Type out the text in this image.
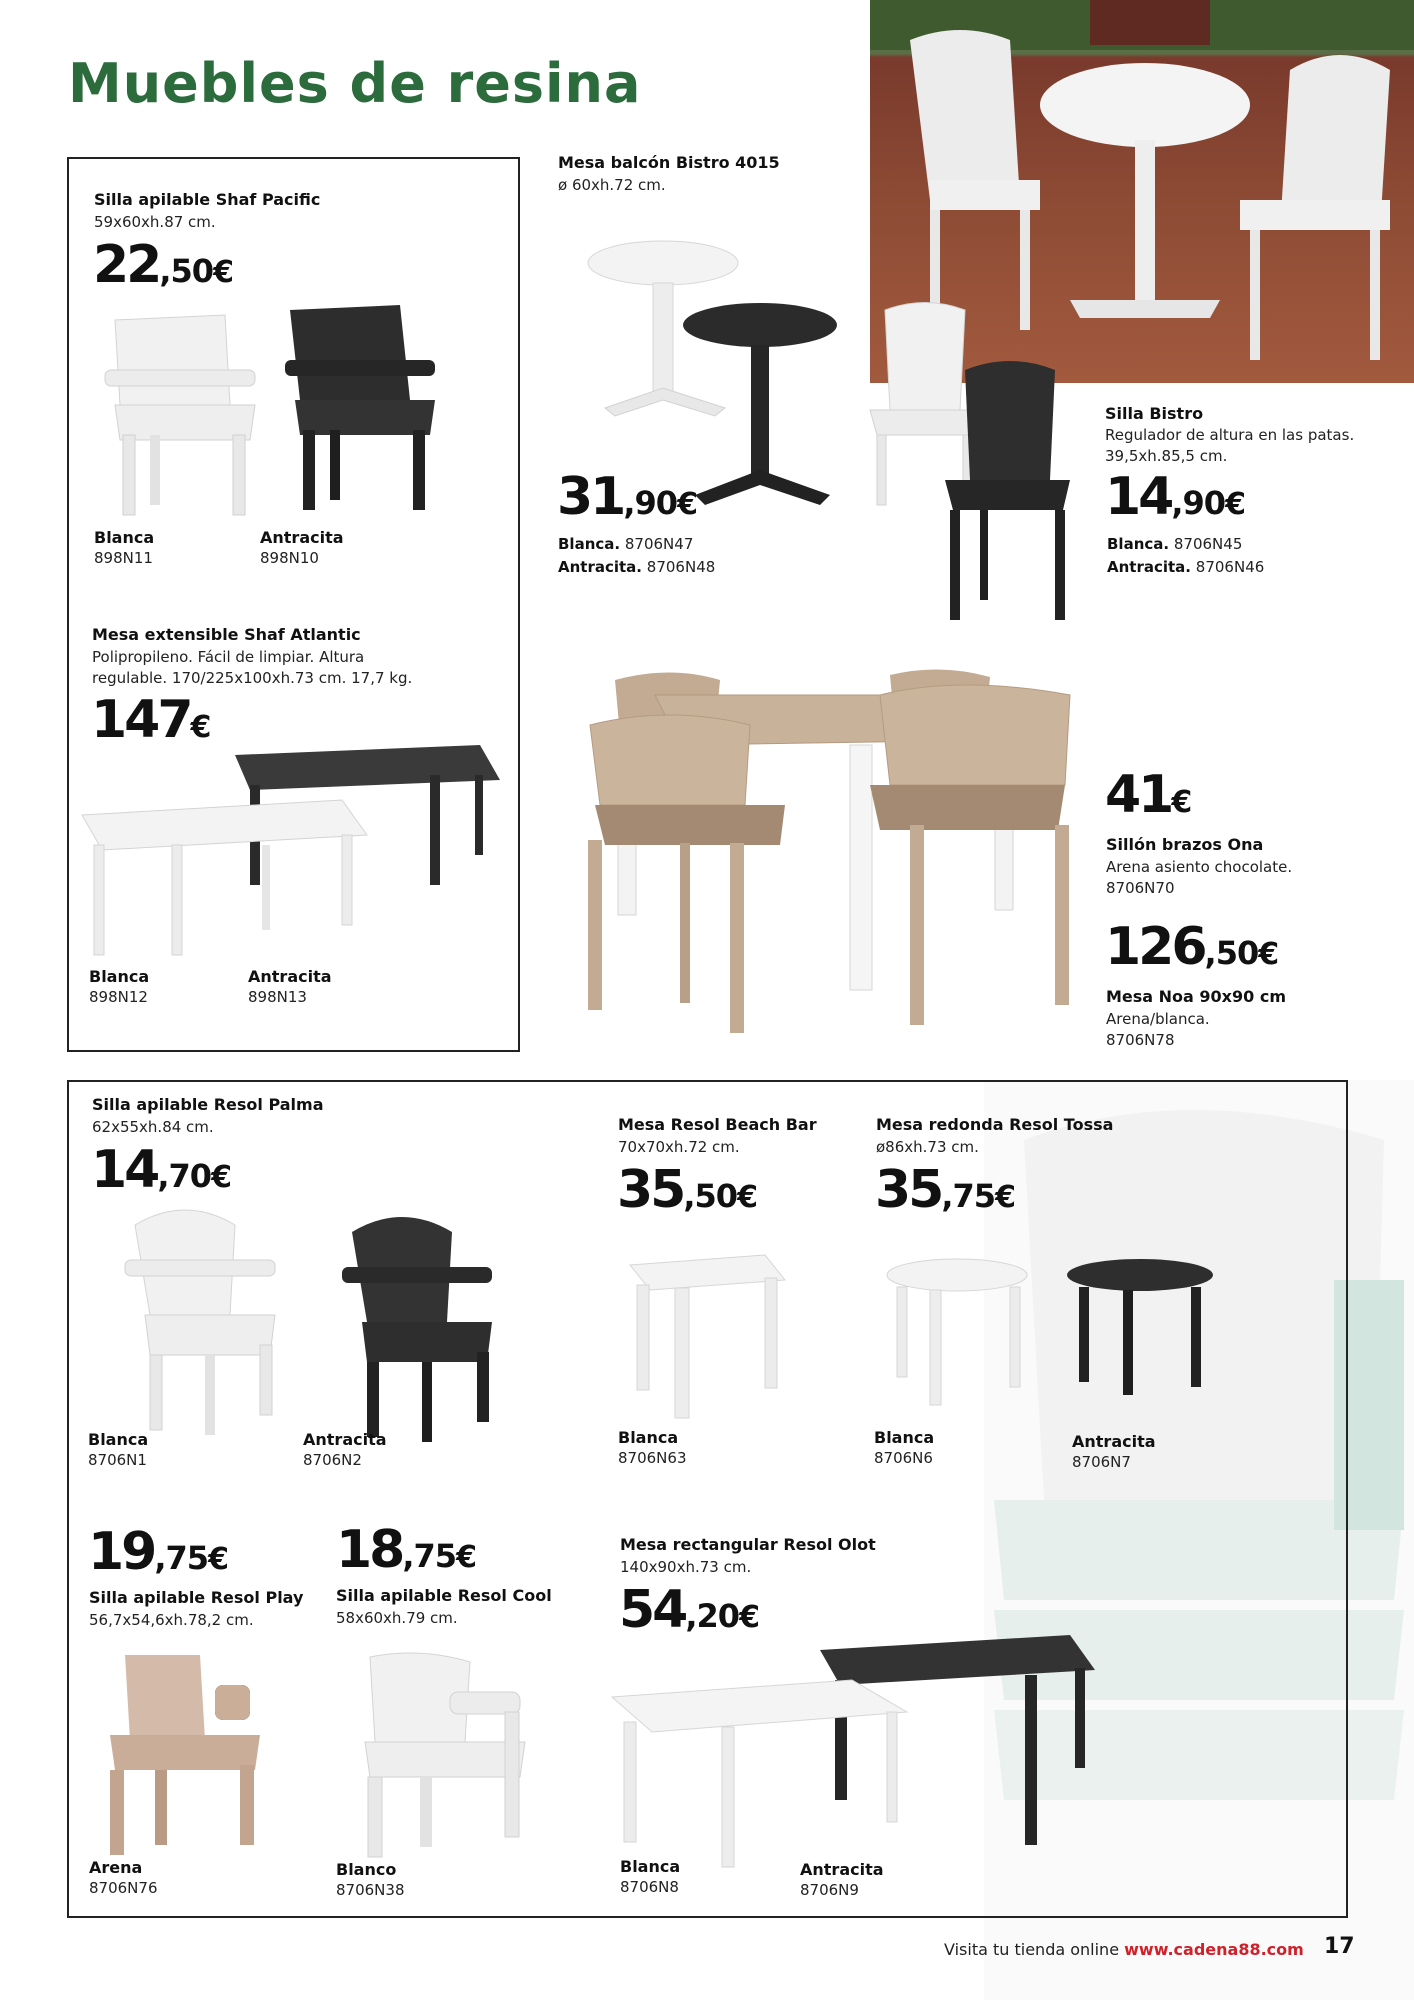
Muebles de resina
Silla apilable Shaf Pacific
59x60xh.87 cm.
22,50€
Blanca
898N11
Antracita
898N10
Mesa extensible Shaf Atlantic
Polipropileno. Fácil de limpiar. Altura
regulable. 170/225x100xh.73 cm. 17,7 kg.
147€
Blanca
898N12
Antracita
898N13
Mesa balcón Bistro 4015
ø 60xh.72 cm.
31,90€
Blanca. 8706N47
Antracita. 8706N48
Silla Bistro
Regulador de altura en las patas.
39,5xh.85,5 cm.
14,90€
Blanca. 8706N45
Antracita. 8706N46
41€
Sillón brazos Ona
Arena asiento chocolate.
8706N70
126,50€
Mesa Noa 90x90 cm
Arena/blanca.
8706N78
Silla apilable Resol Palma
62x55xh.84 cm.
14,70€
Blanca
8706N1
Antracita
8706N2
Mesa Resol Beach Bar
70x70xh.72 cm.
35,50€
Blanca
8706N63
Mesa redonda Resol Tossa
ø86xh.73 cm.
35,75€
Blanca
8706N6
Antracita
8706N7
19,75€
Silla apilable Resol Play
56,7x54,6xh.78,2 cm.
Arena
8706N76
18,75€
Silla apilable Resol Cool
58x60xh.79 cm.
Blanco
8706N38
Mesa rectangular Resol Olot
140x90xh.73 cm.
54,20€
Blanca
8706N8
Antracita
8706N9
Visita tu tienda online www.cadena88.com 17
